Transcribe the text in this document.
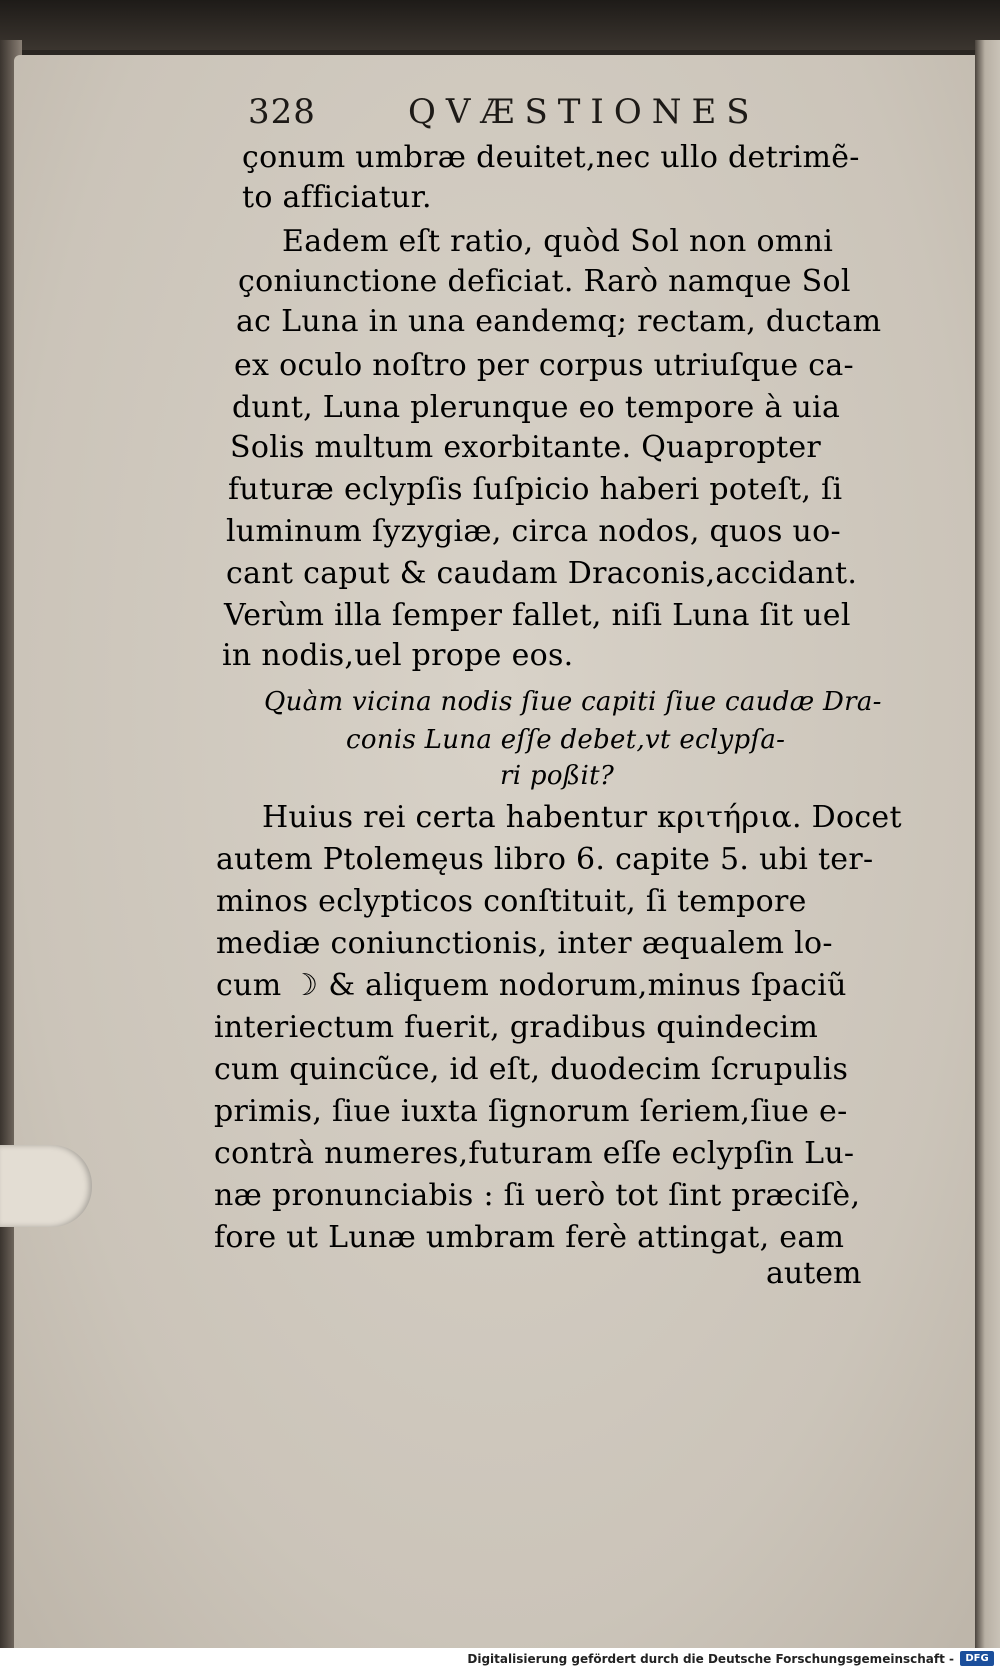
328	QVÆSTIONES
çonum umbræ deuitet,nec ullo detrimẽ-
to afficiatur.
Eadem eſt ratio, quòd Sol non omni
çoniunctione deficiat. Rarò namque Sol
ac Luna in una eandemq; rectam, ductam
ex oculo noſtro per corpus utriuſque ca-
dunt, Luna plerunque eo tempore à uia
Solis multum exorbitante. Quapropter
futuræ eclypſis ſuſpicio haberi poteſt, ſi
luminum ſyzygiæ, circa nodos, quos uo-
cant caput & caudam Draconis,accidant.
Verùm illa ſemper fallet, niſi Luna ſit uel
in nodis,uel prope eos.
Quàm vicina nodis ſiue capiti ſiue caudæ Dra-
conis Luna eſſe debet,vt eclypſa-
ri poßit?
Huius rei certa habentur κριτήρια. Docet
autem Ptolemęus libro 6. capite 5. ubi ter-
minos eclypticos conſtituit, ſi tempore
mediæ coniunctionis, inter æqualem lo-
cum ☽ & aliquem nodorum,minus ſpaciũ
interiectum fuerit, gradibus quindecim
cum quincũce, id eſt, duodecim ſcrupulis
primis, ſiue iuxta ſignorum ſeriem,ſiue e-
contrà numeres,futuram eſſe eclypſin Lu-
næ pronunciabis : ſi uerò tot ſint præciſè,
fore ut Lunæ umbram ferè attingat, eam
autem
Digitalisierung gefördert durch die Deutsche Forschungsgemeinschaft -	DFG
